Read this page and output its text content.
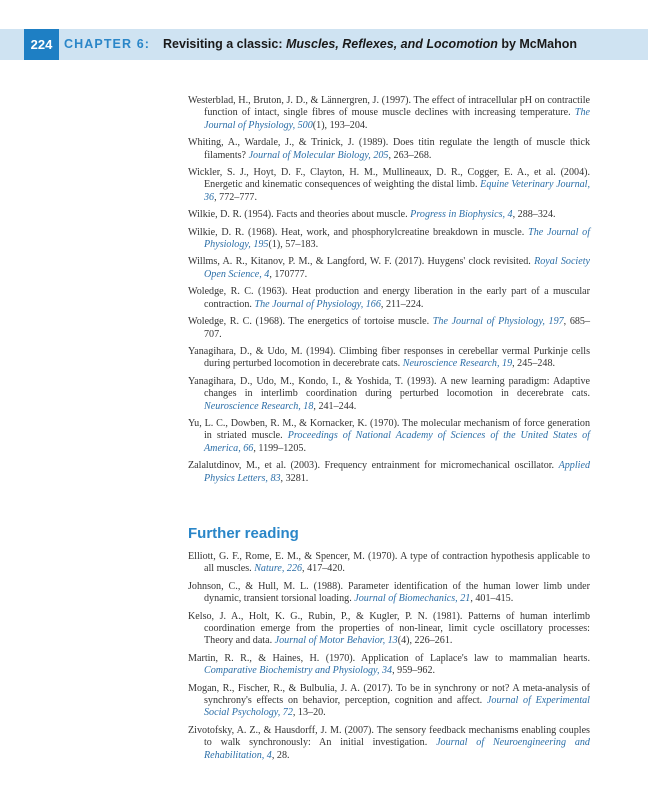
224 CHAPTER 6: Revisiting a classic: Muscles, Reflexes, and Locomotion by McMahon
Westerblad, H., Bruton, J. D., & Lännergren, J. (1997). The effect of intracellular pH on contractile function of intact, single fibres of mouse muscle declines with increasing temperature. The Journal of Physiology, 500(1), 193–204.
Whiting, A., Wardale, J., & Trinick, J. (1989). Does titin regulate the length of muscle thick filaments? Journal of Molecular Biology, 205, 263–268.
Wickler, S. J., Hoyt, D. F., Clayton, H. M., Mullineaux, D. R., Cogger, E. A., et al. (2004). Energetic and kinematic consequences of weighting the distal limb. Equine Veterinary Journal, 36, 772–777.
Wilkie, D. R. (1954). Facts and theories about muscle. Progress in Biophysics, 4, 288–324.
Wilkie, D. R. (1968). Heat, work, and phosphorylcreatine breakdown in muscle. The Journal of Physiology, 195(1), 57–183.
Willms, A. R., Kitanov, P. M., & Langford, W. F. (2017). Huygens' clock revisited. Royal Society Open Science, 4, 170777.
Woledge, R. C. (1963). Heat production and energy liberation in the early part of a muscular contraction. The Journal of Physiology, 166, 211–224.
Woledge, R. C. (1968). The energetics of tortoise muscle. The Journal of Physiology, 197, 685–707.
Yanagihara, D., & Udo, M. (1994). Climbing fiber responses in cerebellar vermal Purkinje cells during perturbed locomotion in decerebrate cats. Neuroscience Research, 19, 245–248.
Yanagihara, D., Udo, M., Kondo, I., & Yoshida, T. (1993). A new learning paradigm: Adaptive changes in interlimb coordination during perturbed locomotion in decerebrate cats. Neuroscience Research, 18, 241–244.
Yu, L. C., Dowben, R. M., & Kornacker, K. (1970). The molecular mechanism of force generation in striated muscle. Proceedings of National Academy of Sciences of the United States of America, 66, 1199–1205.
Zalalutdinov, M., et al. (2003). Frequency entrainment for micromechanical oscillator. Applied Physics Letters, 83, 3281.
Further reading
Elliott, G. F., Rome, E. M., & Spencer, M. (1970). A type of contraction hypothesis applicable to all muscles. Nature, 226, 417–420.
Johnson, C., & Hull, M. L. (1988). Parameter identification of the human lower limb under dynamic, transient torsional loading. Journal of Biomechanics, 21, 401–415.
Kelso, J. A., Holt, K. G., Rubin, P., & Kugler, P. N. (1981). Patterns of human interlimb coordination emerge from the properties of non-linear, limit cycle oscillatory processes: Theory and data. Journal of Motor Behavior, 13(4), 226–261.
Martin, R. R., & Haines, H. (1970). Application of Laplace's law to mammalian hearts. Comparative Biochemistry and Physiology, 34, 959–962.
Mogan, R., Fischer, R., & Bulbulia, J. A. (2017). To be in synchrony or not? A meta-analysis of synchrony's effects on behavior, perception, cognition and affect. Journal of Experimental Social Psychology, 72, 13–20.
Zivotofsky, A. Z., & Hausdorff, J. M. (2007). The sensory feedback mechanisms enabling couples to walk synchronously: An initial investigation. Journal of Neuroengineering and Rehabilitation, 4, 28.
